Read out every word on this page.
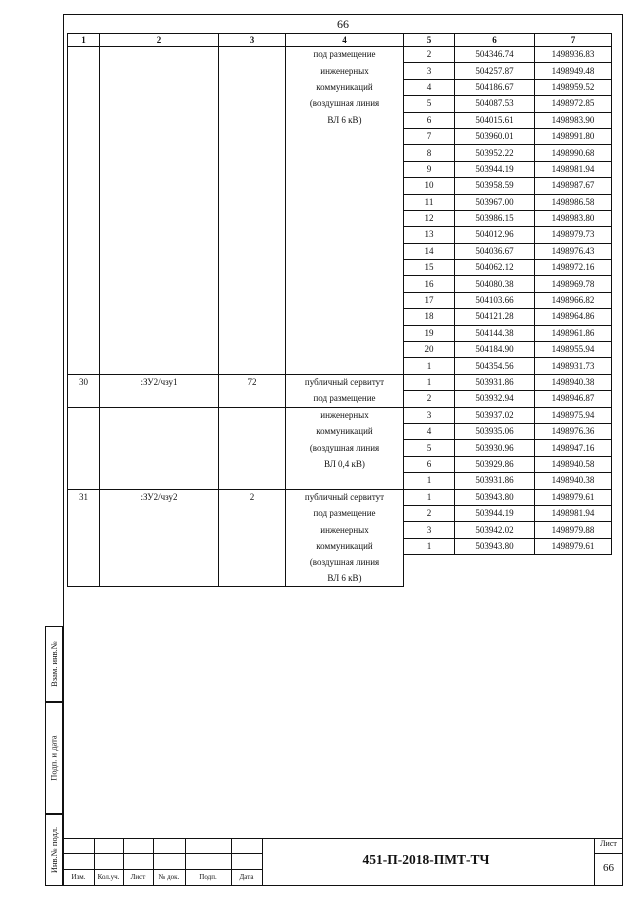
66
1	2	3	4	5	6	7
			под размещение	2	504346.74	1498936.83
			инженерных	3	504257.87	1498949.48
			коммуникаций	4	504186.67	1498959.52
			(воздушная линия	5	504087.53	1498972.85
			ВЛ 6 кВ)	6	504015.61	1498983.90
				7	503960.01	1498991.80
				8	503952.22	1498990.68
				9	503944.19	1498981.94
				10	503958.59	1498987.67
				11	503967.00	1498986.58
				12	503986.15	1498983.80
				13	504012.96	1498979.73
				14	504036.67	1498976.43
				15	504062.12	1498972.16
				16	504080.38	1498969.78
				17	504103.66	1498966.82
				18	504121.28	1498964.86
				19	504144.38	1498961.86
				20	504184.90	1498955.94
				1	504354.56	1498931.73
30	:ЗУ2/чзу1	72	публичный сервитут	1	503931.86	1498940.38
			под размещение	2	503932.94	1498946.87
			инженерных	3	503937.02	1498975.94
			коммуникаций	4	503935.06	1498976.36
			(воздушная линия	5	503930.96	1498947.16
			ВЛ 0,4 кВ)	6	503929.86	1498940.58
				1	503931.86	1498940.38
31	:ЗУ2/чзу2	2	публичный сервитут	1	503943.80	1498979.61
			под размещение	2	503944.19	1498981.94
			инженерных	3	503942.02	1498979.88
			коммуникаций	1	503943.80	1498979.61
			(воздушная линия			
			ВЛ 6 кВ)			
Взам. инв.№
Подп. и дата
Инв.№ подл.
Изм.	Кол.уч.	Лист	№ док.	Подп.	Дата
451-П-2018-ПМТ-ТЧ
Лист
66
